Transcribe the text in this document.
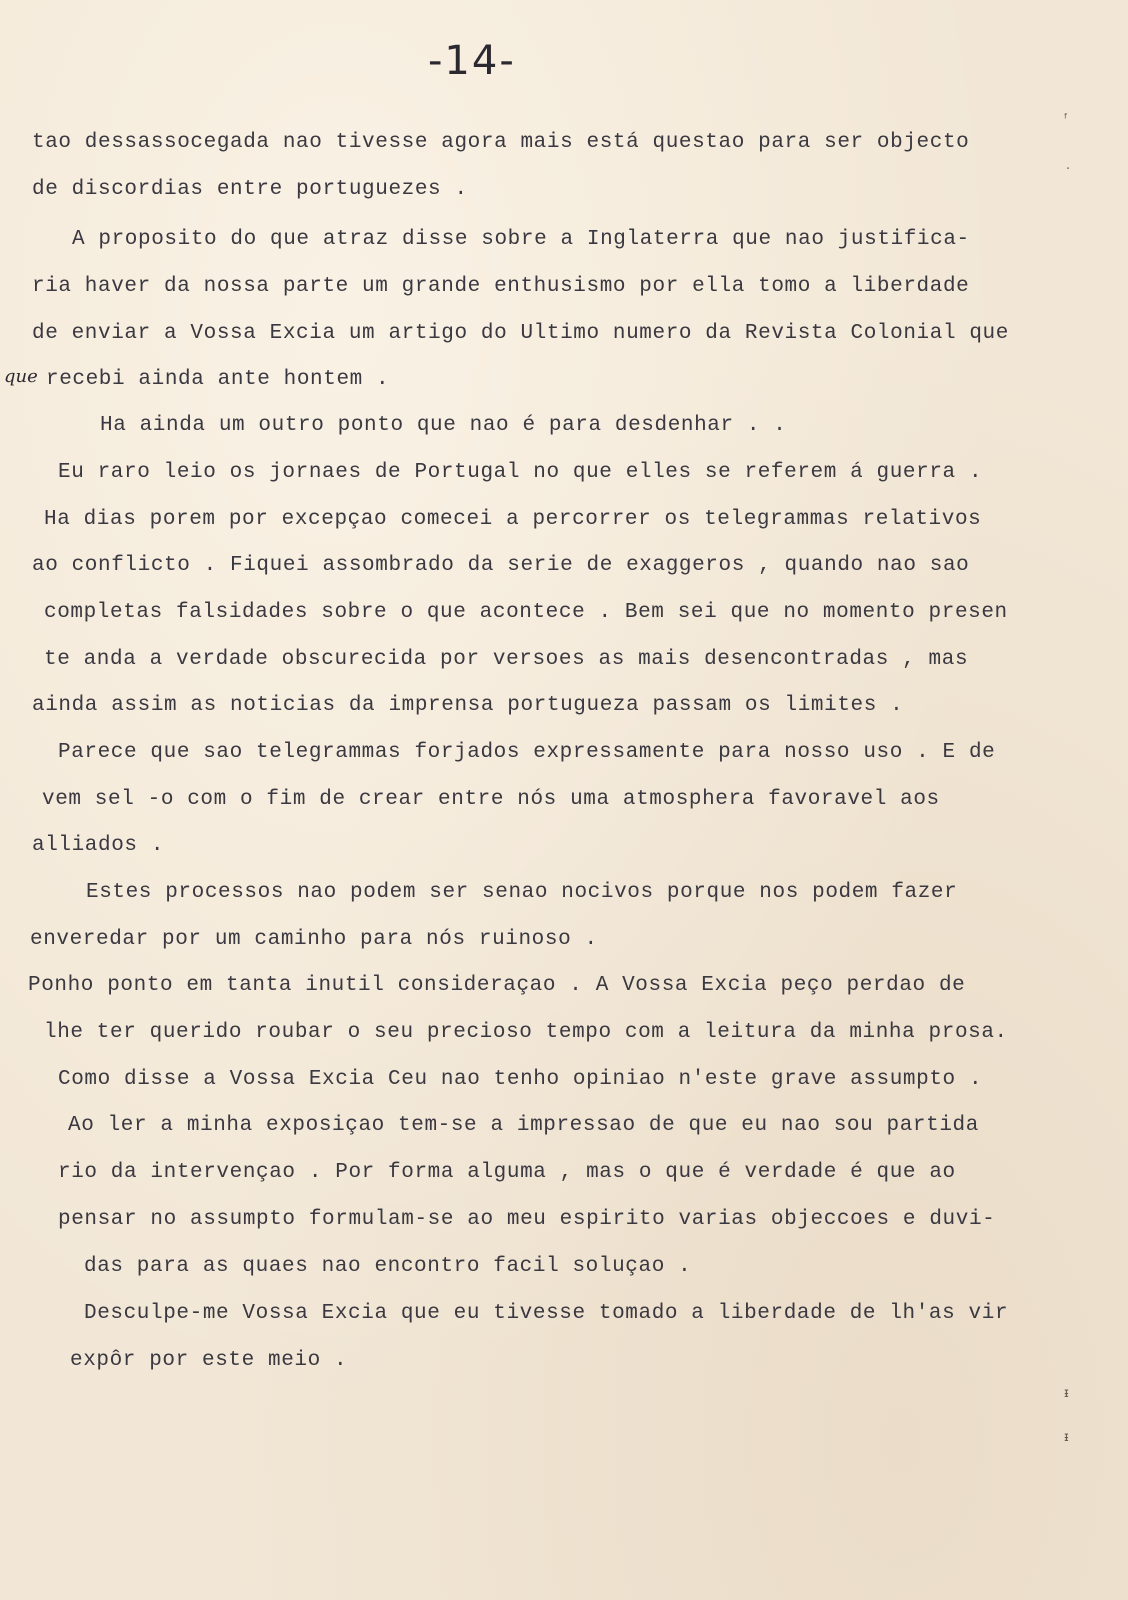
-14-
que
ᶠ
·
ᵻ
ᵻ
tao dessassocegada nao tivesse agora mais está questao para ser objecto
de discordias entre portuguezes .
A proposito do que atraz disse sobre a Inglaterra que nao justifica-
ria haver da nossa parte um grande enthusismo por ella tomo a liberdade
de enviar a Vossa Excia um artigo do Ultimo numero da Revista Colonial que
recebi ainda ante hontem .
Ha ainda um outro ponto que nao é para desdenhar . .
Eu raro leio os jornaes de Portugal no que elles se referem á guerra .
Ha dias porem por excepçao comecei a percorrer os telegrammas relativos
ao conflicto . Fiquei assombrado da serie de exaggeros , quando nao sao
completas falsidades sobre o que acontece . Bem sei que no momento presen
te anda a verdade obscurecida por versoes as mais desencontradas , mas
ainda assim as noticias da imprensa portugueza passam os limites .
Parece que sao telegrammas forjados expressamente para nosso uso . E de
vem sel -o com o fim de crear entre nós uma atmosphera favoravel aos
alliados .
Estes processos nao podem ser senao nocivos porque nos podem fazer
enveredar por um caminho para nós ruinoso .
Ponho ponto em tanta inutil consideraçao . A Vossa Excia peço perdao de
lhe ter querido roubar o seu precioso tempo com a leitura da minha prosa.
Como disse a Vossa Excia Ceu nao tenho opiniao n'este grave assumpto .
Ao ler a minha exposiçao tem-se a impressao de que eu nao sou partida
rio da intervençao . Por forma alguma , mas o que é verdade é que ao
pensar no assumpto formulam-se ao meu espirito varias objeccoes e duvi-
das para as quaes nao encontro facil soluçao .
Desculpe-me Vossa Excia que eu tivesse tomado a liberdade de lh'as vir
expôr por este meio .
